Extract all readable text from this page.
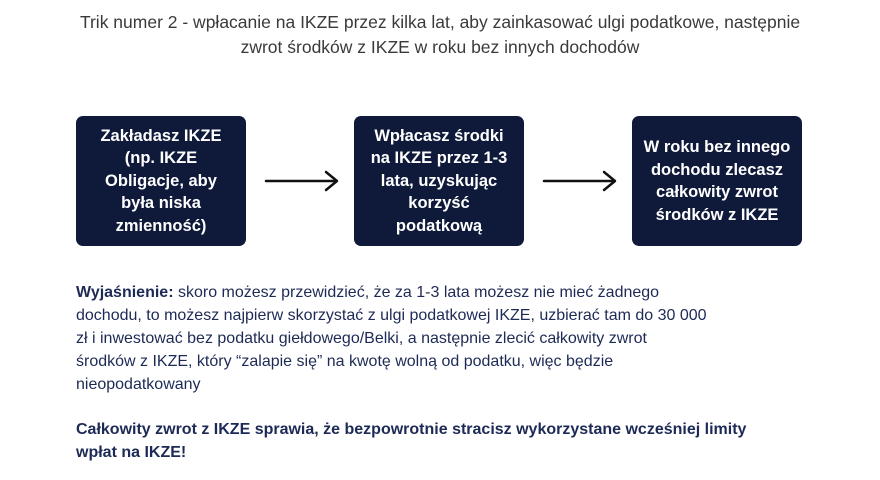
Trik numer 2 - wpłacanie na IKZE przez kilka lat, aby zainkasować ulgi podatkowe, następnie
zwrot środków z IKZE w roku bez innych dochodów
Zakładasz IKZE
(np. IKZE
Obligacje, aby
była niska
zmienność)
Wpłacasz środki
na IKZE przez 1-3
lata, uzyskując
korzyść
podatkową
W roku bez innego
dochodu zlecasz
całkowity zwrot
środków z IKZE
Wyjaśnienie: skoro możesz przewidzieć, że za 1-3 lata możesz nie mieć żadnego
dochodu, to możesz najpierw skorzystać z ulgi podatkowej IKZE, uzbierać tam do 30 000
zł i inwestować bez podatku giełdowego/Belki, a następnie zlecić całkowity zwrot
środków z IKZE, który “zalapie się” na kwotę wolną od podatku, więc będzie
nieopodatkowany
Całkowity zwrot z IKZE sprawia, że bezpowrotnie stracisz wykorzystane wcześniej limity
wpłat na IKZE!
